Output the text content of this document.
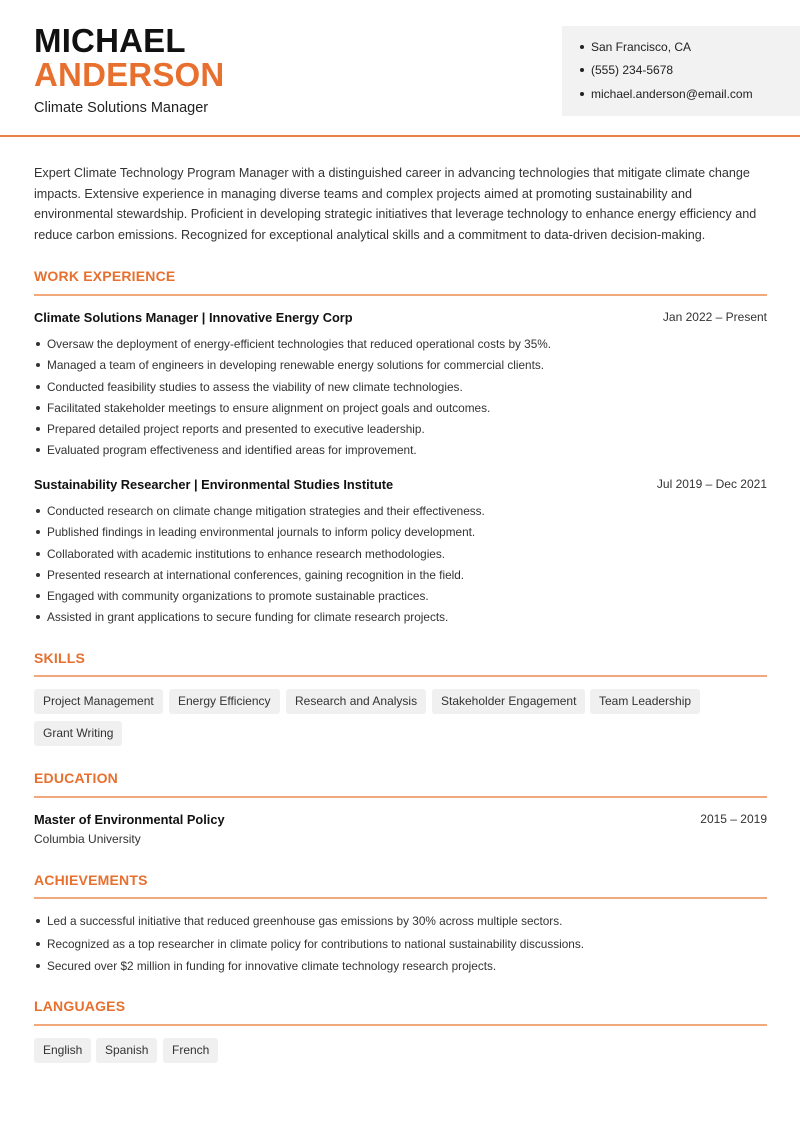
MICHAEL
ANDERSON
Climate Solutions Manager
San Francisco, CA
(555) 234-5678
michael.anderson@email.com
Expert Climate Technology Program Manager with a distinguished career in advancing technologies that mitigate climate change impacts. Extensive experience in managing diverse teams and complex projects aimed at promoting sustainability and environmental stewardship. Proficient in developing strategic initiatives that leverage technology to enhance energy efficiency and reduce carbon emissions. Recognized for exceptional analytical skills and a commitment to data-driven decision-making.
WORK EXPERIENCE
Climate Solutions Manager | Innovative Energy Corp	Jan 2022 – Present
Oversaw the deployment of energy-efficient technologies that reduced operational costs by 35%.
Managed a team of engineers in developing renewable energy solutions for commercial clients.
Conducted feasibility studies to assess the viability of new climate technologies.
Facilitated stakeholder meetings to ensure alignment on project goals and outcomes.
Prepared detailed project reports and presented to executive leadership.
Evaluated program effectiveness and identified areas for improvement.
Sustainability Researcher | Environmental Studies Institute	Jul 2019 – Dec 2021
Conducted research on climate change mitigation strategies and their effectiveness.
Published findings in leading environmental journals to inform policy development.
Collaborated with academic institutions to enhance research methodologies.
Presented research at international conferences, gaining recognition in the field.
Engaged with community organizations to promote sustainable practices.
Assisted in grant applications to secure funding for climate research projects.
SKILLS
Project Management	Energy Efficiency	Research and Analysis	Stakeholder Engagement	Team Leadership
Grant Writing
EDUCATION
Master of Environmental Policy	2015 – 2019
Columbia University
ACHIEVEMENTS
Led a successful initiative that reduced greenhouse gas emissions by 30% across multiple sectors.
Recognized as a top researcher in climate policy for contributions to national sustainability discussions.
Secured over $2 million in funding for innovative climate technology research projects.
LANGUAGES
English	Spanish	French
